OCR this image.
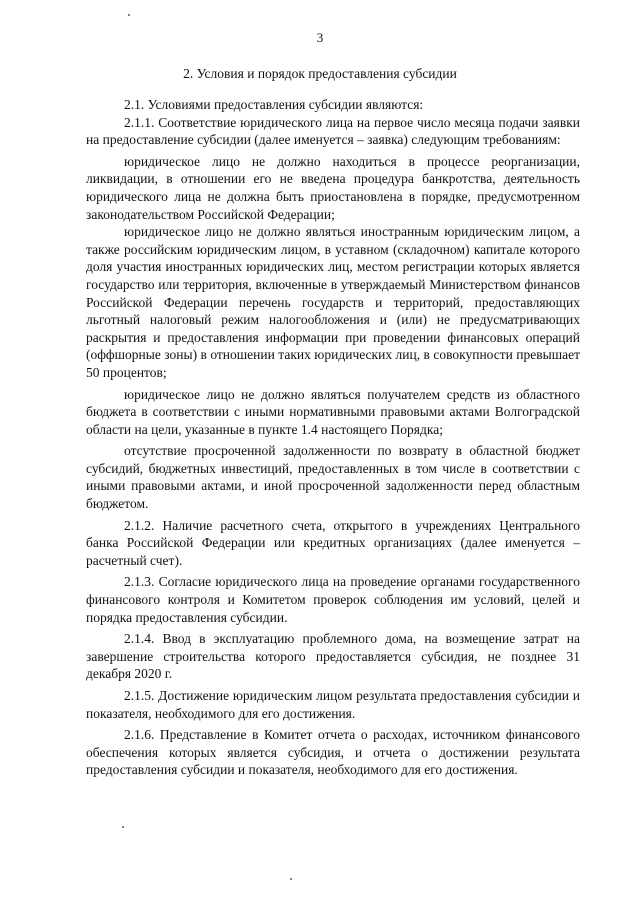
3
2. Условия и порядок предоставления субсидии

2.1. Условиями предоставления субсидии являются:

2.1.1. Соответствие юридического лица на первое число месяца подачи заявки на предоставление субсидии (далее именуется – заявка) следующим требованиям:

юридическое лицо не должно находиться в процессе реорганизации, ликвидации, в отношении его не введена процедура банкротства, деятельность юридического лица не должна быть приостановлена в порядке, предусмотренном законодательством Российской Федерации;

юридическое лицо не должно являться иностранным юридическим лицом, а также российским юридическим лицом, в уставном (складочном) капитале которого доля участия иностранных юридических лиц, местом регистрации которых является государство или территория, включенные в утверждаемый Министерством финансов Российской Федерации перечень государств и территорий, предоставляющих льготный налоговый режим налогообложения и (или) не предусматривающих раскрытия и предоставления информации при проведении финансовых операций (оффшорные зоны) в отношении таких юридических лиц, в совокупности превышает 50 процентов;

юридическое лицо не должно являться получателем средств из областного бюджета в соответствии с иными нормативными правовыми актами Волгоградской области на цели, указанные в пункте 1.4 настоящего Порядка;

отсутствие просроченной задолженности по возврату в областной бюджет субсидий, бюджетных инвестиций, предоставленных в том числе в соответствии с иными правовыми актами, и иной просроченной задолженности перед областным бюджетом.

2.1.2. Наличие расчетного счета, открытого в учреждениях Центрального банка Российской Федерации или кредитных организациях (далее именуется – расчетный счет).

2.1.3. Согласие юридического лица на проведение органами государственного финансового контроля и Комитетом проверок соблюдения им условий, целей и порядка предоставления субсидии.

2.1.4. Ввод в эксплуатацию проблемного дома, на возмещение затрат на завершение строительства которого предоставляется субсидия, не позднее 31 декабря 2020 г.

2.1.5. Достижение юридическим лицом результата предоставления субсидии и показателя, необходимого для его достижения.

2.1.6. Представление в Комитет отчета о расходах, источником финансового обеспечения которых является субсидия, и отчета о достижении результата предоставления субсидии и показателя, необходимого для его достижения.
